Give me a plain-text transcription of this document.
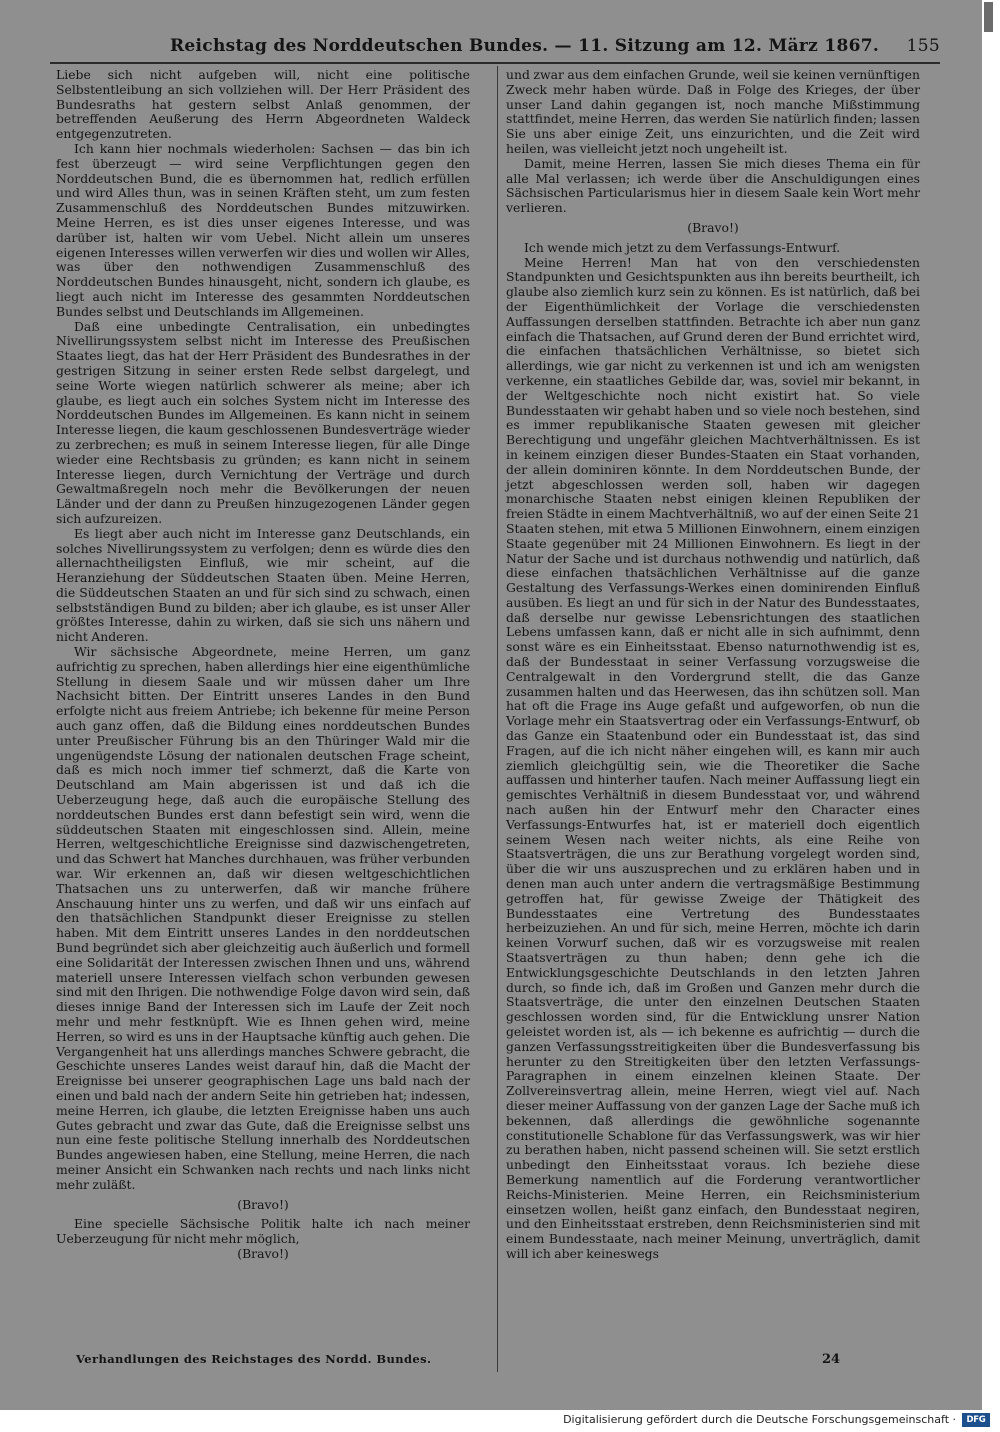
Reichstag des Norddeutschen Bundes. — 11. Sitzung am 12. März 1867. 155

Liebe sich nicht aufgeben will, nicht eine politische Selbstentleibung an sich vollziehen will. Der Herr Präsident des Bundesraths hat gestern selbst Anlaß genommen, der betreffenden Aeußerung des Herrn Abgeordneten Waldeck entgegenzutreten.

Ich kann hier nochmals wiederholen: Sachsen — das bin ich fest überzeugt — wird seine Verpflichtungen gegen den Norddeutschen Bund, die es übernommen hat, redlich erfüllen und wird Alles thun, was in seinen Kräften steht, um zum festen Zusammenschluß des Norddeutschen Bundes mitzuwirken. Meine Herren, es ist dies unser eigenes Interesse, und was darüber ist, halten wir vom Uebel. Nicht allein um unseres eigenen Interesses willen verwerfen wir dies und wollen wir Alles, was über den nothwendigen Zusammenschluß des Norddeutschen Bundes hinausgeht, nicht, sondern ich glaube, es liegt auch nicht im Interesse des gesammten Norddeutschen Bundes selbst und Deutschlands im Allgemeinen.

Daß eine unbedingte Centralisation, ein unbedingtes Nivellirungssystem selbst nicht im Interesse des Preußischen Staates liegt, das hat der Herr Präsident des Bundesrathes in der gestrigen Sitzung in seiner ersten Rede selbst dargelegt, und seine Worte wiegen natürlich schwerer als meine; aber ich glaube, es liegt auch ein solches System nicht im Interesse des Norddeutschen Bundes im Allgemeinen. Es kann nicht in seinem Interesse liegen, die kaum geschlossenen Bundesverträge wieder zu zerbrechen; es muß in seinem Interesse liegen, für alle Dinge wieder eine Rechtsbasis zu gründen; es kann nicht in seinem Interesse liegen, durch Vernichtung der Verträge und durch Gewaltmaßregeln noch mehr die Bevölkerungen der neuen Länder und der dann zu Preußen hinzugezogenen Länder gegen sich aufzureizen.

Es liegt aber auch nicht im Interesse ganz Deutschlands, ein solches Nivellirungssystem zu verfolgen; denn es würde dies den allernachtheiligsten Einfluß, wie mir scheint, auf die Heranziehung der Süddeutschen Staaten üben. Meine Herren, die Süddeutschen Staaten an und für sich sind zu schwach, einen selbstständigen Bund zu bilden; aber ich glaube, es ist unser Aller größtes Interesse, dahin zu wirken, daß sie sich uns nähern und nicht Anderen.

Wir sächsische Abgeordnete, meine Herren, um ganz aufrichtig zu sprechen, haben allerdings hier eine eigenthümliche Stellung in diesem Saale und wir müssen daher um Ihre Nachsicht bitten. Der Eintritt unseres Landes in den Bund erfolgte nicht aus freiem Antriebe; ich bekenne für meine Person auch ganz offen, daß die Bildung eines norddeutschen Bundes unter Preußischer Führung bis an den Thüringer Wald mir die ungenügendste Lösung der nationalen deutschen Frage scheint, daß es mich noch immer tief schmerzt, daß die Karte von Deutschland am Main abgerissen ist und daß ich die Ueberzeugung hege, daß auch die europäische Stellung des norddeutschen Bundes erst dann befestigt sein wird, wenn die süddeutschen Staaten mit eingeschlossen sind. Allein, meine Herren, weltgeschichtliche Ereignisse sind dazwischengetreten, und das Schwert hat Manches durchhauen, was früher verbunden war. Wir erkennen an, daß wir diesen weltgeschichtlichen Thatsachen uns zu unterwerfen, daß wir manche frühere Anschauung hinter uns zu werfen, und daß wir uns einfach auf den thatsächlichen Standpunkt dieser Ereignisse zu stellen haben. Mit dem Eintritt unseres Landes in den norddeutschen Bund begründet sich aber gleichzeitig auch äußerlich und formell eine Solidarität der Interessen zwischen Ihnen und uns, während materiell unsere Interessen vielfach schon verbunden gewesen sind mit den Ihrigen. Die nothwendige Folge davon wird sein, daß dieses innige Band der Interessen sich im Laufe der Zeit noch mehr und mehr festknüpft. Wie es Ihnen gehen wird, meine Herren, so wird es uns in der Hauptsache künftig auch gehen. Die Vergangenheit hat uns allerdings manches Schwere gebracht, die Geschichte unseres Landes weist darauf hin, daß die Macht der Ereignisse bei unserer geographischen Lage uns bald nach der einen und bald nach der andern Seite hin getrieben hat; indessen, meine Herren, ich glaube, die letzten Ereignisse haben uns auch Gutes gebracht und zwar das Gute, daß die Ereignisse selbst uns nun eine feste politische Stellung innerhalb des Norddeutschen Bundes angewiesen haben, eine Stellung, meine Herren, die nach meiner Ansicht ein Schwanken nach rechts und nach links nicht mehr zuläßt.

(Bravo!)

Eine specielle Sächsische Politik halte ich nach meiner Ueberzeugung für nicht mehr möglich,

(Bravo!)

und zwar aus dem einfachen Grunde, weil sie keinen vernünftigen Zweck mehr haben würde. Daß in Folge des Krieges, der über unser Land dahin gegangen ist, noch manche Mißstimmung stattfindet, meine Herren, das werden Sie natürlich finden; lassen Sie uns aber einige Zeit, uns einzurichten, und die Zeit wird heilen, was vielleicht jetzt noch ungeheilt ist.

Damit, meine Herren, lassen Sie mich dieses Thema ein für alle Mal verlassen; ich werde über die Anschuldigungen eines Sächsischen Particularismus hier in diesem Saale kein Wort mehr verlieren.

(Bravo!)

Ich wende mich jetzt zu dem Verfassungs-Entwurf.

Meine Herren! Man hat von den verschiedensten Standpunkten und Gesichtspunkten aus ihn bereits beurtheilt, ich glaube also ziemlich kurz sein zu können. Es ist natürlich, daß bei der Eigenthümlichkeit der Vorlage die verschiedensten Auffassungen derselben stattfinden. Betrachte ich aber nun ganz einfach die Thatsachen, auf Grund deren der Bund errichtet wird, die einfachen thatsächlichen Verhältnisse, so bietet sich allerdings, wie gar nicht zu verkennen ist und ich am wenigsten verkenne, ein staatliches Gebilde dar, was, soviel mir bekannt, in der Weltgeschichte noch nicht existirt hat. So viele Bundesstaaten wir gehabt haben und so viele noch bestehen, sind es immer republikanische Staaten gewesen mit gleicher Berechtigung und ungefähr gleichen Machtverhältnissen. Es ist in keinem einzigen dieser Bundes-Staaten ein Staat vorhanden, der allein dominiren könnte. In dem Norddeutschen Bunde, der jetzt abgeschlossen werden soll, haben wir dagegen monarchische Staaten nebst einigen kleinen Republiken der freien Städte in einem Machtverhältniß, wo auf der einen Seite 21 Staaten stehen, mit etwa 5 Millionen Einwohnern, einem einzigen Staate gegenüber mit 24 Millionen Einwohnern. Es liegt in der Natur der Sache und ist durchaus nothwendig und natürlich, daß diese einfachen thatsächlichen Verhältnisse auf die ganze Gestaltung des Verfassungs-Werkes einen dominirenden Einfluß ausüben. Es liegt an und für sich in der Natur des Bundesstaates, daß derselbe nur gewisse Lebensrichtungen des staatlichen Lebens umfassen kann, daß er nicht alle in sich aufnimmt, denn sonst wäre es ein Einheitsstaat. Ebenso naturnothwendig ist es, daß der Bundesstaat in seiner Verfassung vorzugsweise die Centralgewalt in den Vordergrund stellt, die das Ganze zusammen halten und das Heerwesen, das ihn schützen soll. Man hat oft die Frage ins Auge gefaßt und aufgeworfen, ob nun die Vorlage mehr ein Staatsvertrag oder ein Verfassungs-Entwurf, ob das Ganze ein Staatenbund oder ein Bundesstaat ist, das sind Fragen, auf die ich nicht näher eingehen will, es kann mir auch ziemlich gleichgültig sein, wie die Theoretiker die Sache auffassen und hinterher taufen. Nach meiner Auffassung liegt ein gemischtes Verhältniß in diesem Bundesstaat vor, und während nach außen hin der Entwurf mehr den Character eines Verfassungs-Entwurfes hat, ist er materiell doch eigentlich seinem Wesen nach weiter nichts, als eine Reihe von Staatsverträgen, die uns zur Berathung vorgelegt worden sind, über die wir uns auszusprechen und zu erklären haben und in denen man auch unter andern die vertragsmäßige Bestimmung getroffen hat, für gewisse Zweige der Thätigkeit des Bundesstaates eine Vertretung des Bundesstaates herbeizuziehen. An und für sich, meine Herren, möchte ich darin keinen Vorwurf suchen, daß wir es vorzugsweise mit realen Staatsverträgen zu thun haben; denn gehe ich die Entwicklungsgeschichte Deutschlands in den letzten Jahren durch, so finde ich, daß im Großen und Ganzen mehr durch die Staatsverträge, die unter den einzelnen Deutschen Staaten geschlossen worden sind, für die Entwicklung unsrer Nation geleistet worden ist, als — ich bekenne es aufrichtig — durch die ganzen Verfassungsstreitigkeiten über die Bundesverfassung bis herunter zu den Streitigkeiten über den letzten Verfassungs-Paragraphen in einem einzelnen kleinen Staate. Der Zollvereinsvertrag allein, meine Herren, wiegt viel auf. Nach dieser meiner Auffassung von der ganzen Lage der Sache muß ich bekennen, daß allerdings die gewöhnliche sogenannte constitutionelle Schablone für das Verfassungswerk, was wir hier zu berathen haben, nicht passend scheinen will. Sie setzt erstlich unbedingt den Einheitsstaat voraus. Ich beziehe diese Bemerkung namentlich auf die Forderung verantwortlicher Reichs-Ministerien. Meine Herren, ein Reichsministerium einsetzen wollen, heißt ganz einfach, den Bundesstaat negiren, und den Einheitsstaat erstreben, denn Reichsministerien sind mit einem Bundesstaate, nach meiner Meinung, unverträglich, damit will ich aber keineswegs

Verhandlungen des Reichstages des Nordd. Bundes.	24
Digitalisierung gefördert durch die Deutsche Forschungsgemeinschaft · DFG
